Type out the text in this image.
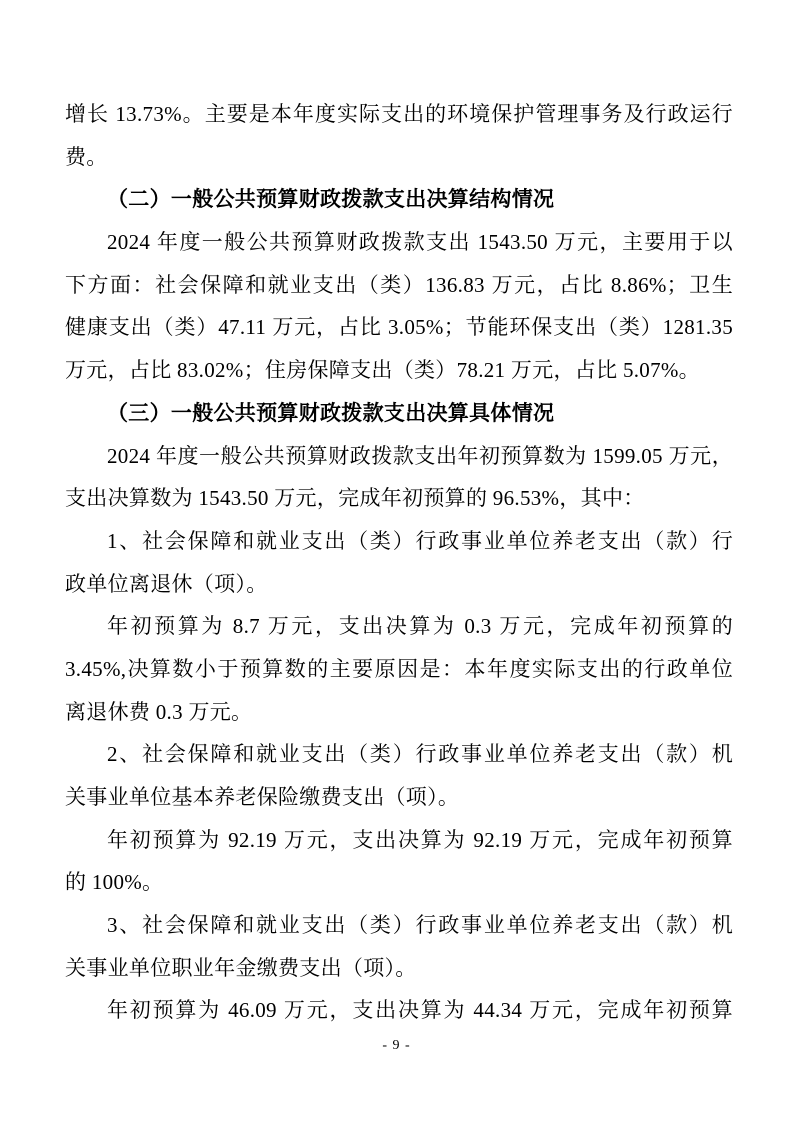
增长 13.73%。主要是本年度实际支出的环境保护管理事务及行政运行
费。
（二）一般公共预算财政拨款支出决算结构情况
2024 年度一般公共预算财政拨款支出 1543.50 万元，主要用于以
下方面：社会保障和就业支出（类）136.83 万元，占比 8.86%；卫生
健康支出（类）47.11 万元，占比 3.05%；节能环保支出（类）1281.35
万元，占比 83.02%；住房保障支出（类）78.21 万元，占比 5.07%。
（三）一般公共预算财政拨款支出决算具体情况
2024 年度一般公共预算财政拨款支出年初预算数为 1599.05 万元，
支出决算数为 1543.50 万元，完成年初预算的 96.53%，其中：
1、社会保障和就业支出（类）行政事业单位养老支出（款）行
政单位离退休（项）。
年初预算为 8.7 万元，支出决算为 0.3 万元，完成年初预算的
3.45%,决算数小于预算数的主要原因是：本年度实际支出的行政单位
离退休费 0.3 万元。
2、社会保障和就业支出（类）行政事业单位养老支出（款）机
关事业单位基本养老保险缴费支出（项）。
年初预算为 92.19 万元，支出决算为 92.19 万元，完成年初预算
的 100%。
3、社会保障和就业支出（类）行政事业单位养老支出（款）机
关事业单位职业年金缴费支出（项）。
年初预算为 46.09 万元，支出决算为 44.34 万元，完成年初预算
- 9 -
